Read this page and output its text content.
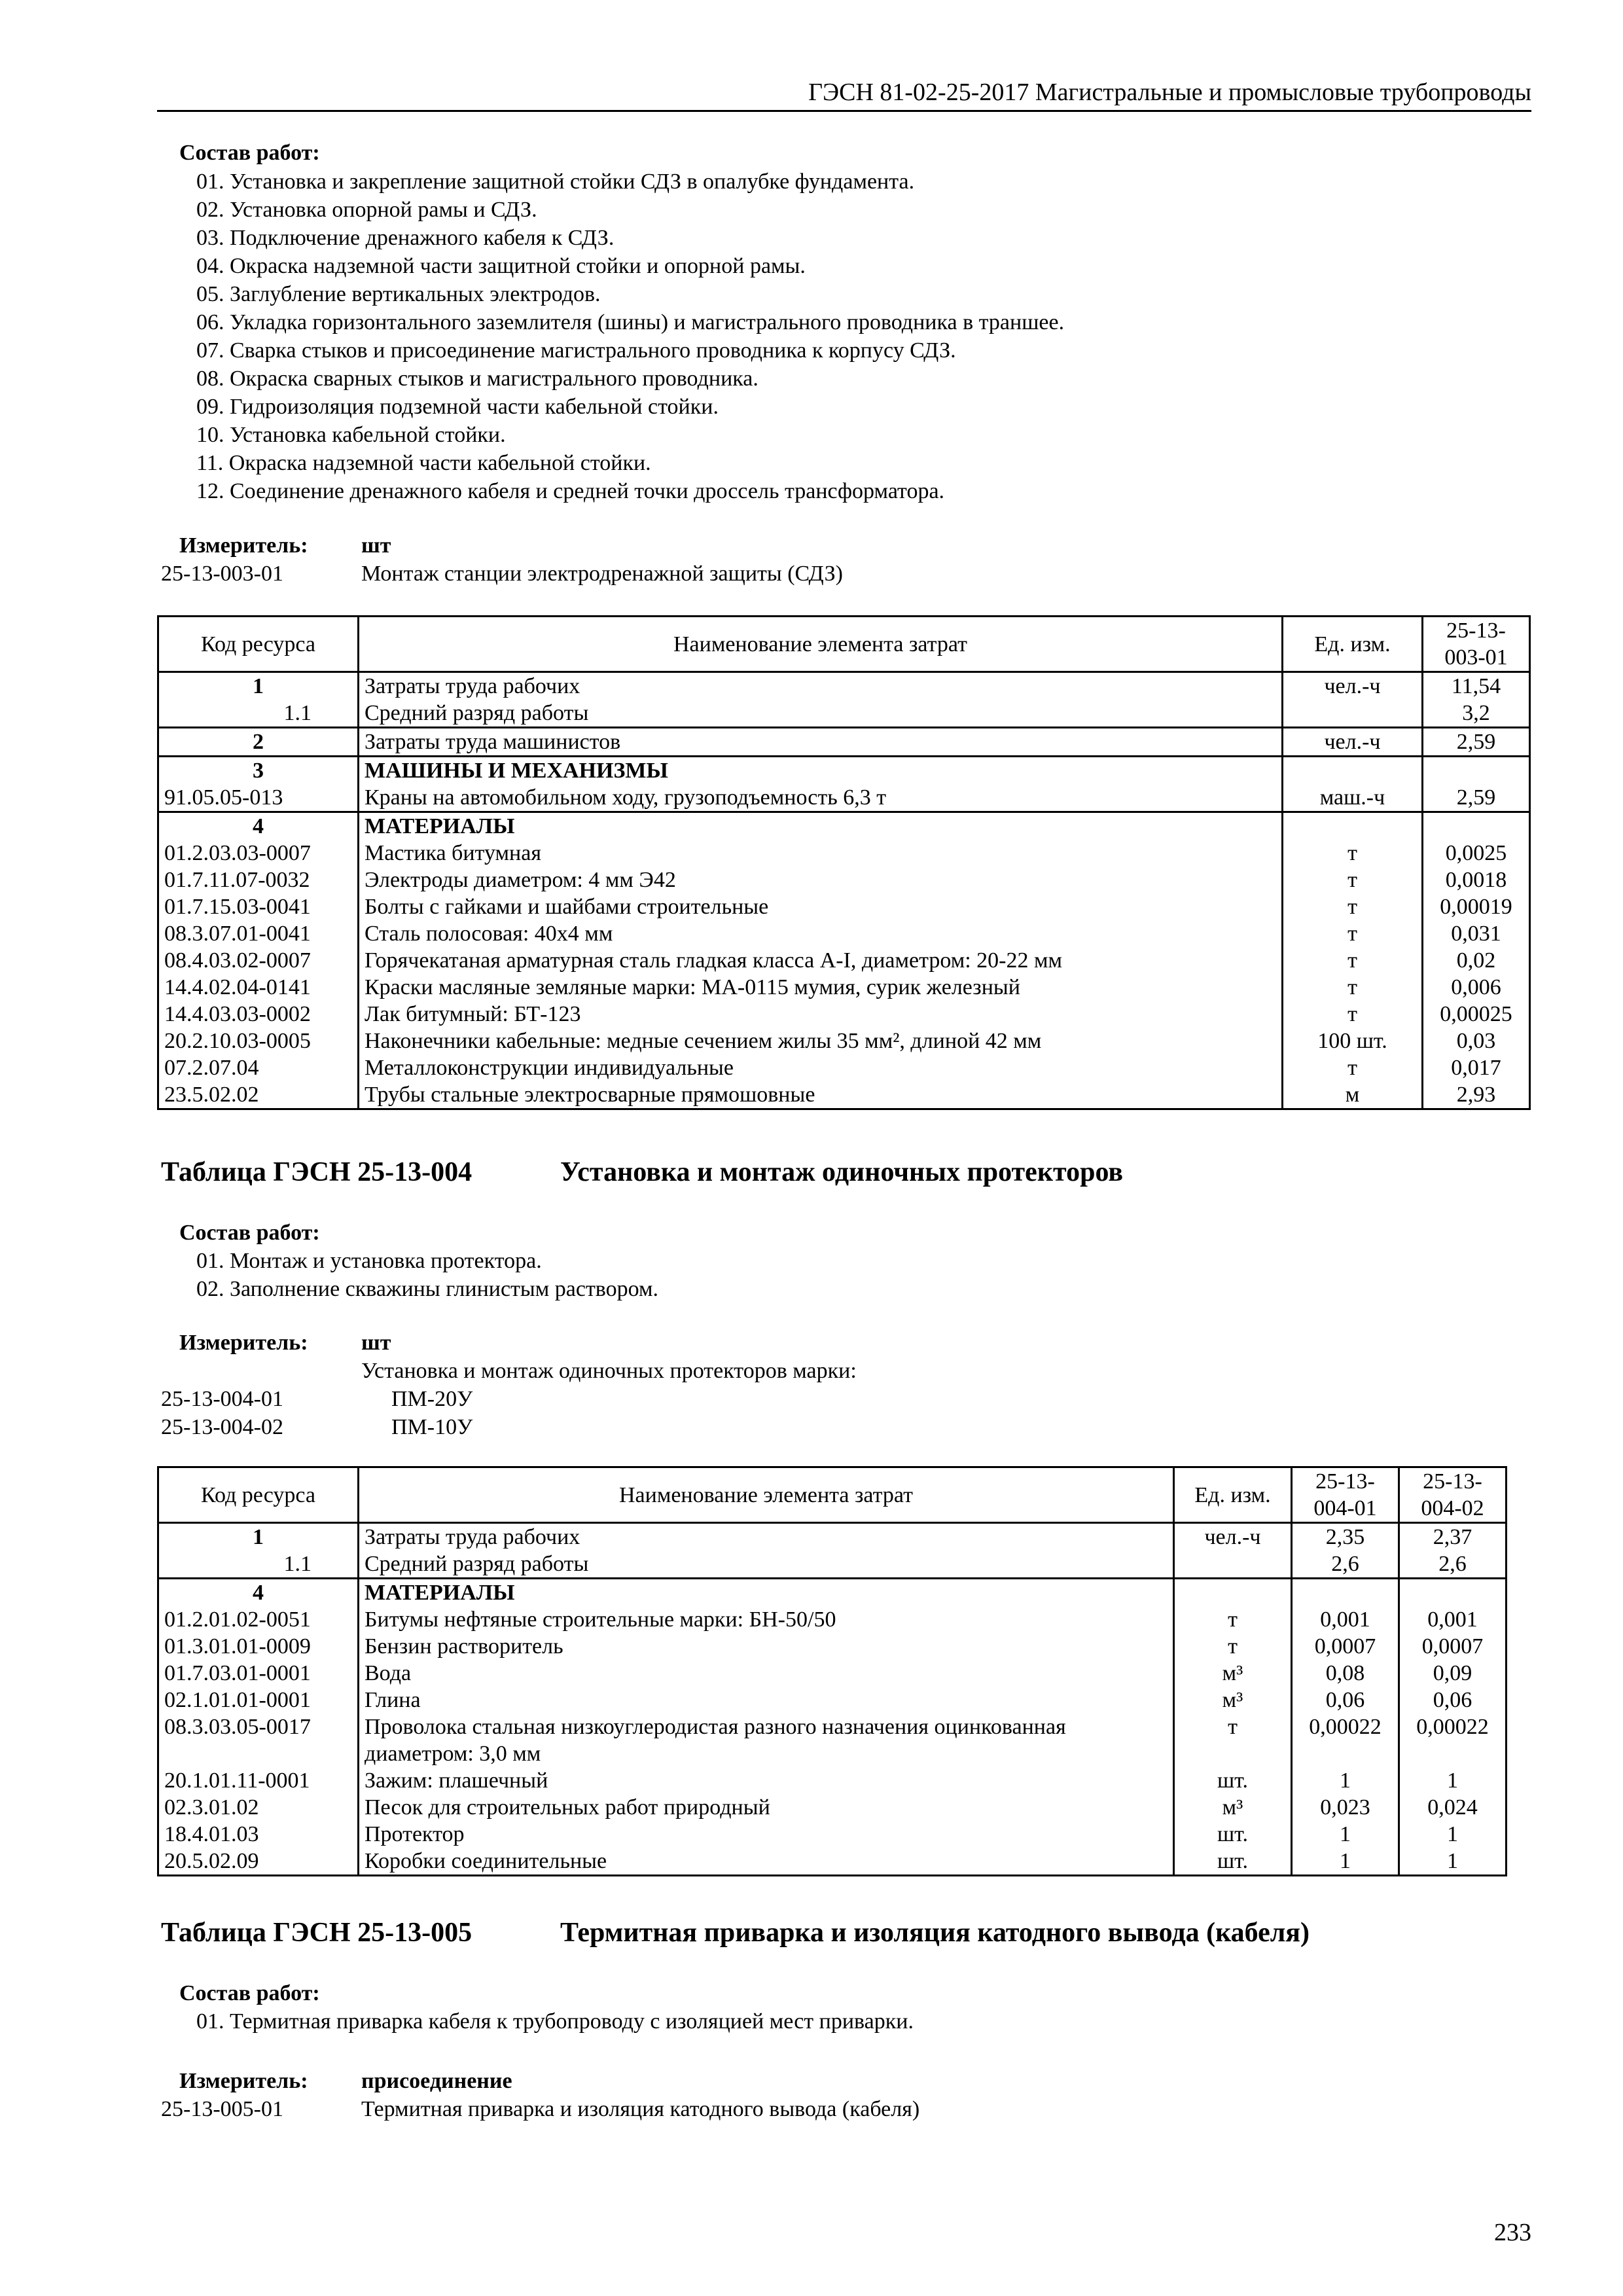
ГЭСН 81-02-25-2017 Магистральные и промысловые трубопроводы
Состав работ:
01. Установка и закрепление защитной стойки СДЗ в опалубке фундамента.
02. Установка опорной рамы и СДЗ.
03. Подключение дренажного кабеля к СДЗ.
04. Окраска надземной части защитной стойки и опорной рамы.
05. Заглубление вертикальных электродов.
06. Укладка горизонтального заземлителя (шины) и магистрального проводника в траншее.
07. Сварка стыков и присоединение магистрального проводника к корпусу СДЗ.
08. Окраска сварных стыков и магистрального проводника.
09. Гидроизоляция подземной части кабельной стойки.
10. Установка кабельной стойки.
11. Окраска надземной части кабельной стойки.
12. Соединение дренажного кабеля и средней точки дроссель трансформатора.
Измеритель: шт
25-13-003-01	Монтаж станции электродренажной защиты (СДЗ)
Код ресурса	Наименование элемента затрат	Ед. изм.	25-13-
003-01
1	Затраты труда рабочих	чел.-ч	11,54
1.1	Средний разряд работы		3,2
2	Затраты труда машинистов	чел.-ч	2,59
3	МАШИНЫ И МЕХАНИЗМЫ		
91.05.05-013	Краны на автомобильном ходу, грузоподъемность 6,3 т	маш.-ч	2,59
4	МАТЕРИАЛЫ		
01.2.03.03-0007	Мастика битумная	т	0,0025
01.7.11.07-0032	Электроды диаметром: 4 мм Э42	т	0,0018
01.7.15.03-0041	Болты с гайками и шайбами строительные	т	0,00019
08.3.07.01-0041	Сталь полосовая: 40х4 мм	т	0,031
08.4.03.02-0007	Горячекатаная арматурная сталь гладкая класса А-I, диаметром: 20-22 мм	т	0,02
14.4.02.04-0141	Краски масляные земляные марки: МА-0115 мумия, сурик железный	т	0,006
14.4.03.03-0002	Лак битумный: БТ-123	т	0,00025
20.2.10.03-0005	Наконечники кабельные: медные сечением жилы 35 мм², длиной 42 мм	100 шт.	0,03
07.2.07.04	Металлоконструкции индивидуальные	т	0,017
23.5.02.02	Трубы стальные электросварные прямошовные	м	2,93
Таблица ГЭСН 25-13-004	Установка и монтаж одиночных протекторов
Состав работ:
01. Монтаж и установка протектора.
02. Заполнение скважины глинистым раствором.
Измеритель: шт
Установка и монтаж одиночных протекторов марки:
25-13-004-01	ПМ-20У
25-13-004-02	ПМ-10У
Код ресурса	Наименование элемента затрат	Ед. изм.	25-13-
004-01	25-13-
004-02
1	Затраты труда рабочих	чел.-ч	2,35	2,37
1.1	Средний разряд работы		2,6	2,6
4	МАТЕРИАЛЫ			
01.2.01.02-0051	Битумы нефтяные строительные марки: БН-50/50	т	0,001	0,001
01.3.01.01-0009	Бензин растворитель	т	0,0007	0,0007
01.7.03.01-0001	Вода	м³	0,08	0,09
02.1.01.01-0001	Глина	м³	0,06	0,06
08.3.03.05-0017	Проволока стальная низкоуглеродистая разного назначения оцинкованная
диаметром: 3,0 мм	т	0,00022	0,00022
20.1.01.11-0001	Зажим: плашечный	шт.	1	1
02.3.01.02	Песок для строительных работ природный	м³	0,023	0,024
18.4.01.03	Протектор	шт.	1	1
20.5.02.09	Коробки соединительные	шт.	1	1
Таблица ГЭСН 25-13-005	Термитная приварка и изоляция катодного вывода (кабеля)
Состав работ:
01. Термитная приварка кабеля к трубопроводу с изоляцией мест приварки.
Измеритель: присоединение
25-13-005-01	Термитная приварка и изоляция катодного вывода (кабеля)
233
